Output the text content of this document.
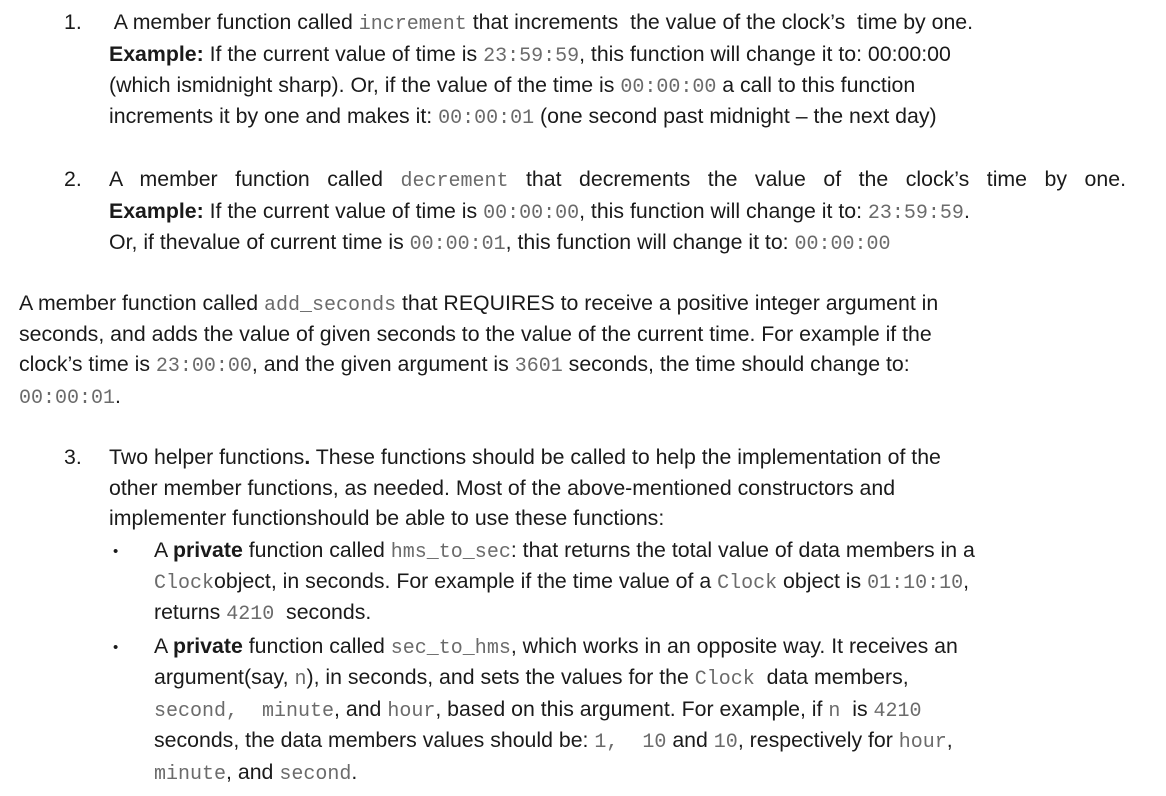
1. A member function called increment that increments  the value of the clock’s  time by one.
Example: If the current value of time is 23:59:59, this function will change it to: 00:00:00
(which ismidnight sharp). Or, if the value of the time is 00:00:00 a call to this function
increments it by one and makes it: 00:00:01 (one second past midnight – the next day)
2. A member function called decrement that decrements the value of the clock’s time by one.
Example: If the current value of time is 00:00:00, this function will change it to: 23:59:59.
Or, if thevalue of current time is 00:00:01, this function will change it to: 00:00:00
A member function called add_seconds that REQUIRES to receive a positive integer argument in
seconds, and adds the value of given seconds to the value of the current time. For example if the
clock’s time is 23:00:00, and the given argument is 3601 seconds, the time should change to:
00:00:01.
3. Two helper functions. These functions should be called to help the implementation of the
other member functions, as needed. Most of the above-mentioned constructors and
implementer functionshould be able to use these functions:
• A private function called hms_to_sec: that returns the total value of data members in a
Clockobject, in seconds. For example if the time value of a Clock object is 01:10:10,
returns 4210  seconds.
• A private function called sec_to_hms, which works in an opposite way. It receives an
argument(say, n), in seconds, and sets the values for the Clock  data members,
second,  minute, and hour, based on this argument. For example, if n  is 4210
seconds, the data members values should be: 1,  10 and 10, respectively for hour,
minute, and second.
